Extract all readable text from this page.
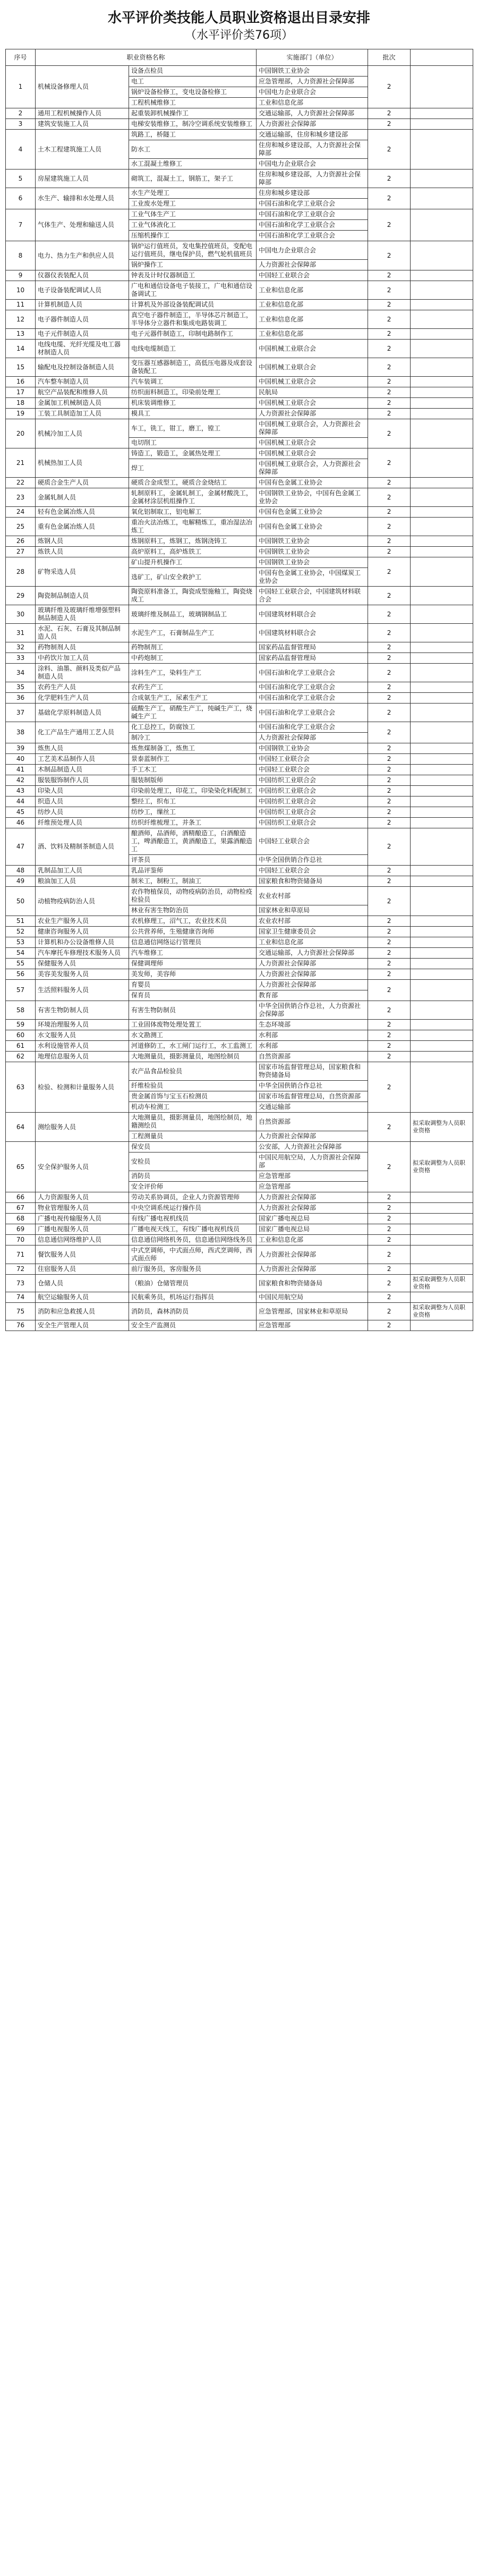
水平评价类技能人员职业资格退出目录安排
（水平评价类76项）
序号	职业资格名称		实施部门（单位）	批次	
1	机械设备修理人员	设备点检员	中国钢铁工业协会	2	
		电工	应急管理部，人力资源社会保障部		
		锅炉设备检修工，变电设备检修工	中国电力企业联合会		
		工程机械维修工	工业和信息化部		
2	通用工程机械操作人员	起重装卸机械操作工	交通运输部，人力资源社会保障部	2	
3	建筑安装施工人员	电梯安装维修工，制冷空调系统安装维修工	人力资源社会保障部	2	
4	土木工程建筑施工人员	筑路工，桥隧工	交通运输部，住房和城乡建设部	2	
		防水工	住房和城乡建设部，人力资源社会保障部		
		水工混凝土维修工	中国电力企业联合会		
5	房屋建筑施工人员	砌筑工，混凝土工，钢筋工，架子工	住房和城乡建设部，人力资源社会保障部	2	
6	水生产、输排和水处理人员	水生产处理工	住房和城乡建设部	2	
		工业废水处理工	中国石油和化学工业联合会		
7	气体生产、处理和输送人员	工业气体生产工	中国石油和化学工业联合会	2	
		工业气体液化工	中国石油和化学工业联合会		
		压缩机操作工	中国石油和化学工业联合会		
8	电力、热力生产和供应人员	锅炉运行值班员，发电集控值班员，变配电运行值班员，继电保护员，燃气轮机值班员	中国电力企业联合会	2	
		锅炉操作工	人力资源社会保障部		
9	仪器仪表装配人员	钟表及计时仪器制造工	中国轻工业联合会	2	
10	电子设备装配调试人员	广电和通信设备电子装接工，广电和通信设备调试工	工业和信息化部	2	
11	计算机制造人员	计算机及外部设备装配调试员	工业和信息化部	2	
12	电子器件制造人员	真空电子器件制造工，半导体芯片制造工，半导体分立器件和集成电路装调工	工业和信息化部	2	
13	电子元件制造人员	电子元器件制造工，印制电路制作工	工业和信息化部	2	
14	电线电缆、光纤光缆及电工器材制造人员	电线电缆制造工	中国机械工业联合会	2	
15	输配电及控制设备制造人员	变压器互感器制造工，高低压电器及成套设备装配工	中国机械工业联合会	2	
16	汽车整车制造人员	汽车装调工	中国机械工业联合会	2	
17	航空产品装配和维修人员	纺织面料制造工，印染前处理工	民航局	2	
18	金属加工机械制造人员	机床装调维修工	中国机械工业联合会	2	
19	工装工具制造加工人员	模具工	人力资源社会保障部	2	
20	机械冷加工人员	车工，铣工，钳工，磨工，镗工	中国机械工业联合会，人力资源社会保障部	2	
		电切削工	中国机械工业联合会		
21	机械热加工人员	铸造工，锻造工，金属热处理工	中国机械工业联合会	2	
		焊工	中国机械工业联合会，人力资源社会保障部		
22	硬质合金生产人员	硬质合金成型工，硬质合金烧结工	中国有色金属工业协会	2	
23	金属轧制人员	轧制原料工，金属轧制工，金属材酸洗工，金属材涂层机组操作工	中国钢铁工业协会，中国有色金属工业协会	2	
24	轻有色金属冶炼人员	氧化铝制取工，铝电解工	中国有色金属工业协会	2	
25	重有色金属冶炼人员	重冶火法冶炼工，电解精炼工，重冶湿法冶炼工	中国有色金属工业协会	2	
26	炼钢人员	炼钢原料工，炼钢工，炼钢浇铸工	中国钢铁工业协会	2	
27	炼铁人员	高炉原料工，高炉炼铁工	中国钢铁工业协会	2	
28	矿物采选人员	矿山提升机操作工	中国钢铁工业协会	2	
		选矿工，矿山安全救护工	中国有色金属工业协会，中国煤炭工业协会		
29	陶瓷制品制造人员	陶瓷原料准备工，陶瓷成型施釉工，陶瓷烧成工	中国轻工业联合会，中国建筑材料联合会	2	
30	玻璃纤维及玻璃纤维增强塑料制品制造人员	玻璃纤维及制品工，玻璃钢制品工	中国建筑材料联合会	2	
31	水泥、石灰、石膏及其制品制造人员	水泥生产工，石膏制品生产工	中国建筑材料联合会	2	
32	药物制剂人员	药物制剂工	国家药品监督管理局	2	
33	中药饮片加工人员	中药炮制工	国家药品监督管理局	2	
34	涂料、油墨、颜料及类似产品制造人员	涂料生产工，染料生产工	中国石油和化学工业联合会	2	
35	农药生产人员	农药生产工	中国石油和化学工业联合会	2	
36	化学肥料生产人员	合成氨生产工，尿素生产工	中国石油和化学工业联合会	2	
37	基础化学原料制造人员	硫酸生产工，硝酸生产工，纯碱生产工，烧碱生产工	中国石油和化学工业联合会	2	
38	化工产品生产通用工艺人员	化工总控工，防腐蚀工	中国石油和化学工业联合会	2	
		制冷工	人力资源社会保障部		
39	炼焦人员	炼焦煤制备工，炼焦工	中国钢铁工业协会	2	
40	工艺美术品制作人员	景泰蓝制作工	中国轻工业联合会	2	
41	木制品制造人员	手工木工	中国轻工业联合会	2	
42	服装服饰制作人员	服装制版师	中国纺织工业联合会	2	
43	印染人员	印染前处理工，印花工，印染染化料配制工	中国纺织工业联合会	2	
44	织造人员	整经工，织布工	中国纺织工业联合会	2	
45	纺纱人员	纺纱工，缫丝工	中国纺织工业联合会	2	
46	纤维预处理人员	纺织纤维梳理工，并条工	中国纺织工业联合会	2	
47	酒、饮料及精制茶制造人员	酿酒师，品酒师，酒精酿造工，白酒酿造工，啤酒酿造工，黄酒酿造工，果露酒酿造工	中国轻工业联合会	2	
		评茶员	中华全国供销合作总社		
48	乳制品加工人员	乳品评鉴师	中国轻工业联合会	2	
49	粮油加工人员	制米工，制粉工，制油工	国家粮食和物资储备局	2	
50	动植物疫病防治人员	农作物植保员，动物疫病防治员，动物检疫检验员	农业农村部	2	
		林业有害生物防治员	国家林业和草原局		
51	农业生产服务人员	农机修理工，沼气工，农业技术员	农业农村部	2	
52	健康咨询服务人员	公共营养师，生殖健康咨询师	国家卫生健康委员会	2	
53	计算机和办公设备维修人员	信息通信网络运行管理员	工业和信息化部	2	
54	汽车摩托车修理技术服务人员	汽车维修工	交通运输部，人力资源社会保障部	2	
55	保健服务人员	保健调理师	人力资源社会保障部	2	
56	美容美发服务人员	美发师，美容师	人力资源社会保障部	2	
57	生活照料服务人员	育婴员	人力资源社会保障部	2	
		保育员	教育部		
58	有害生物防制人员	有害生物防制员	中华全国供销合作总社，人力资源社会保障部	2	
59	环境治理服务人员	工业固体废物处理处置工	生态环境部	2	
60	水文服务人员	水文勘测工	水利部	2	
61	水利设施管养人员	河道修防工，水工闸门运行工，水工监测工	水利部	2	
62	地理信息服务人员	大地测量员，摄影测量员，地图绘制员	自然资源部	2	
63	检验、检测和计量服务人员	农产品食品检验员	国家市场监督管理总局，国家粮食和物资储备局	2	
		纤维检验员	中华全国供销合作总社		
		贵金属首饰与宝玉石检测员	国家市场监督管理总局，自然资源部		
		机动车检测工	交通运输部		
64	测绘服务人员	大地测量员，摄影测量员，地图绘制员，地籍测绘员	自然资源部	2	拟采取调整为人员职业资格
		工程测量员	人力资源社会保障部		
65	安全保护服务人员	保安员	公安部，人力资源社会保障部	2	拟采取调整为人员职业资格
		安检员	中国民用航空局，人力资源社会保障部		
		消防员	应急管理部		
		安全评价师	应急管理部		
66	人力资源服务人员	劳动关系协调员，企业人力资源管理师	人力资源社会保障部	2	
67	物业管理服务人员	中央空调系统运行操作员	人力资源社会保障部	2	
68	广播电视传输服务人员	有线广播电视机线员	国家广播电视总局	2	
69	广播电视服务人员	广播电视天线工，有线广播电视机线员	国家广播电视总局	2	
70	信息通信网络维护人员	信息通信网络机务员，信息通信网络线务员	工业和信息化部	2	
71	餐饮服务人员	中式烹调师，中式面点师，西式烹调师，西式面点师	人力资源社会保障部	2	
72	住宿服务人员	前厅服务员，客房服务员	人力资源社会保障部	2	
73	仓储人员	（粮油）仓储管理员	国家粮食和物资储备局	2	拟采取调整为人员职业资格
74	航空运输服务人员	民航乘务员，机场运行指挥员	中国民用航空局	2	
75	消防和应急救援人员	消防员，森林消防员	应急管理部，国家林业和草原局	2	拟采取调整为人员职业资格
76	安全生产管理人员	安全生产监测员	应急管理部	2	
